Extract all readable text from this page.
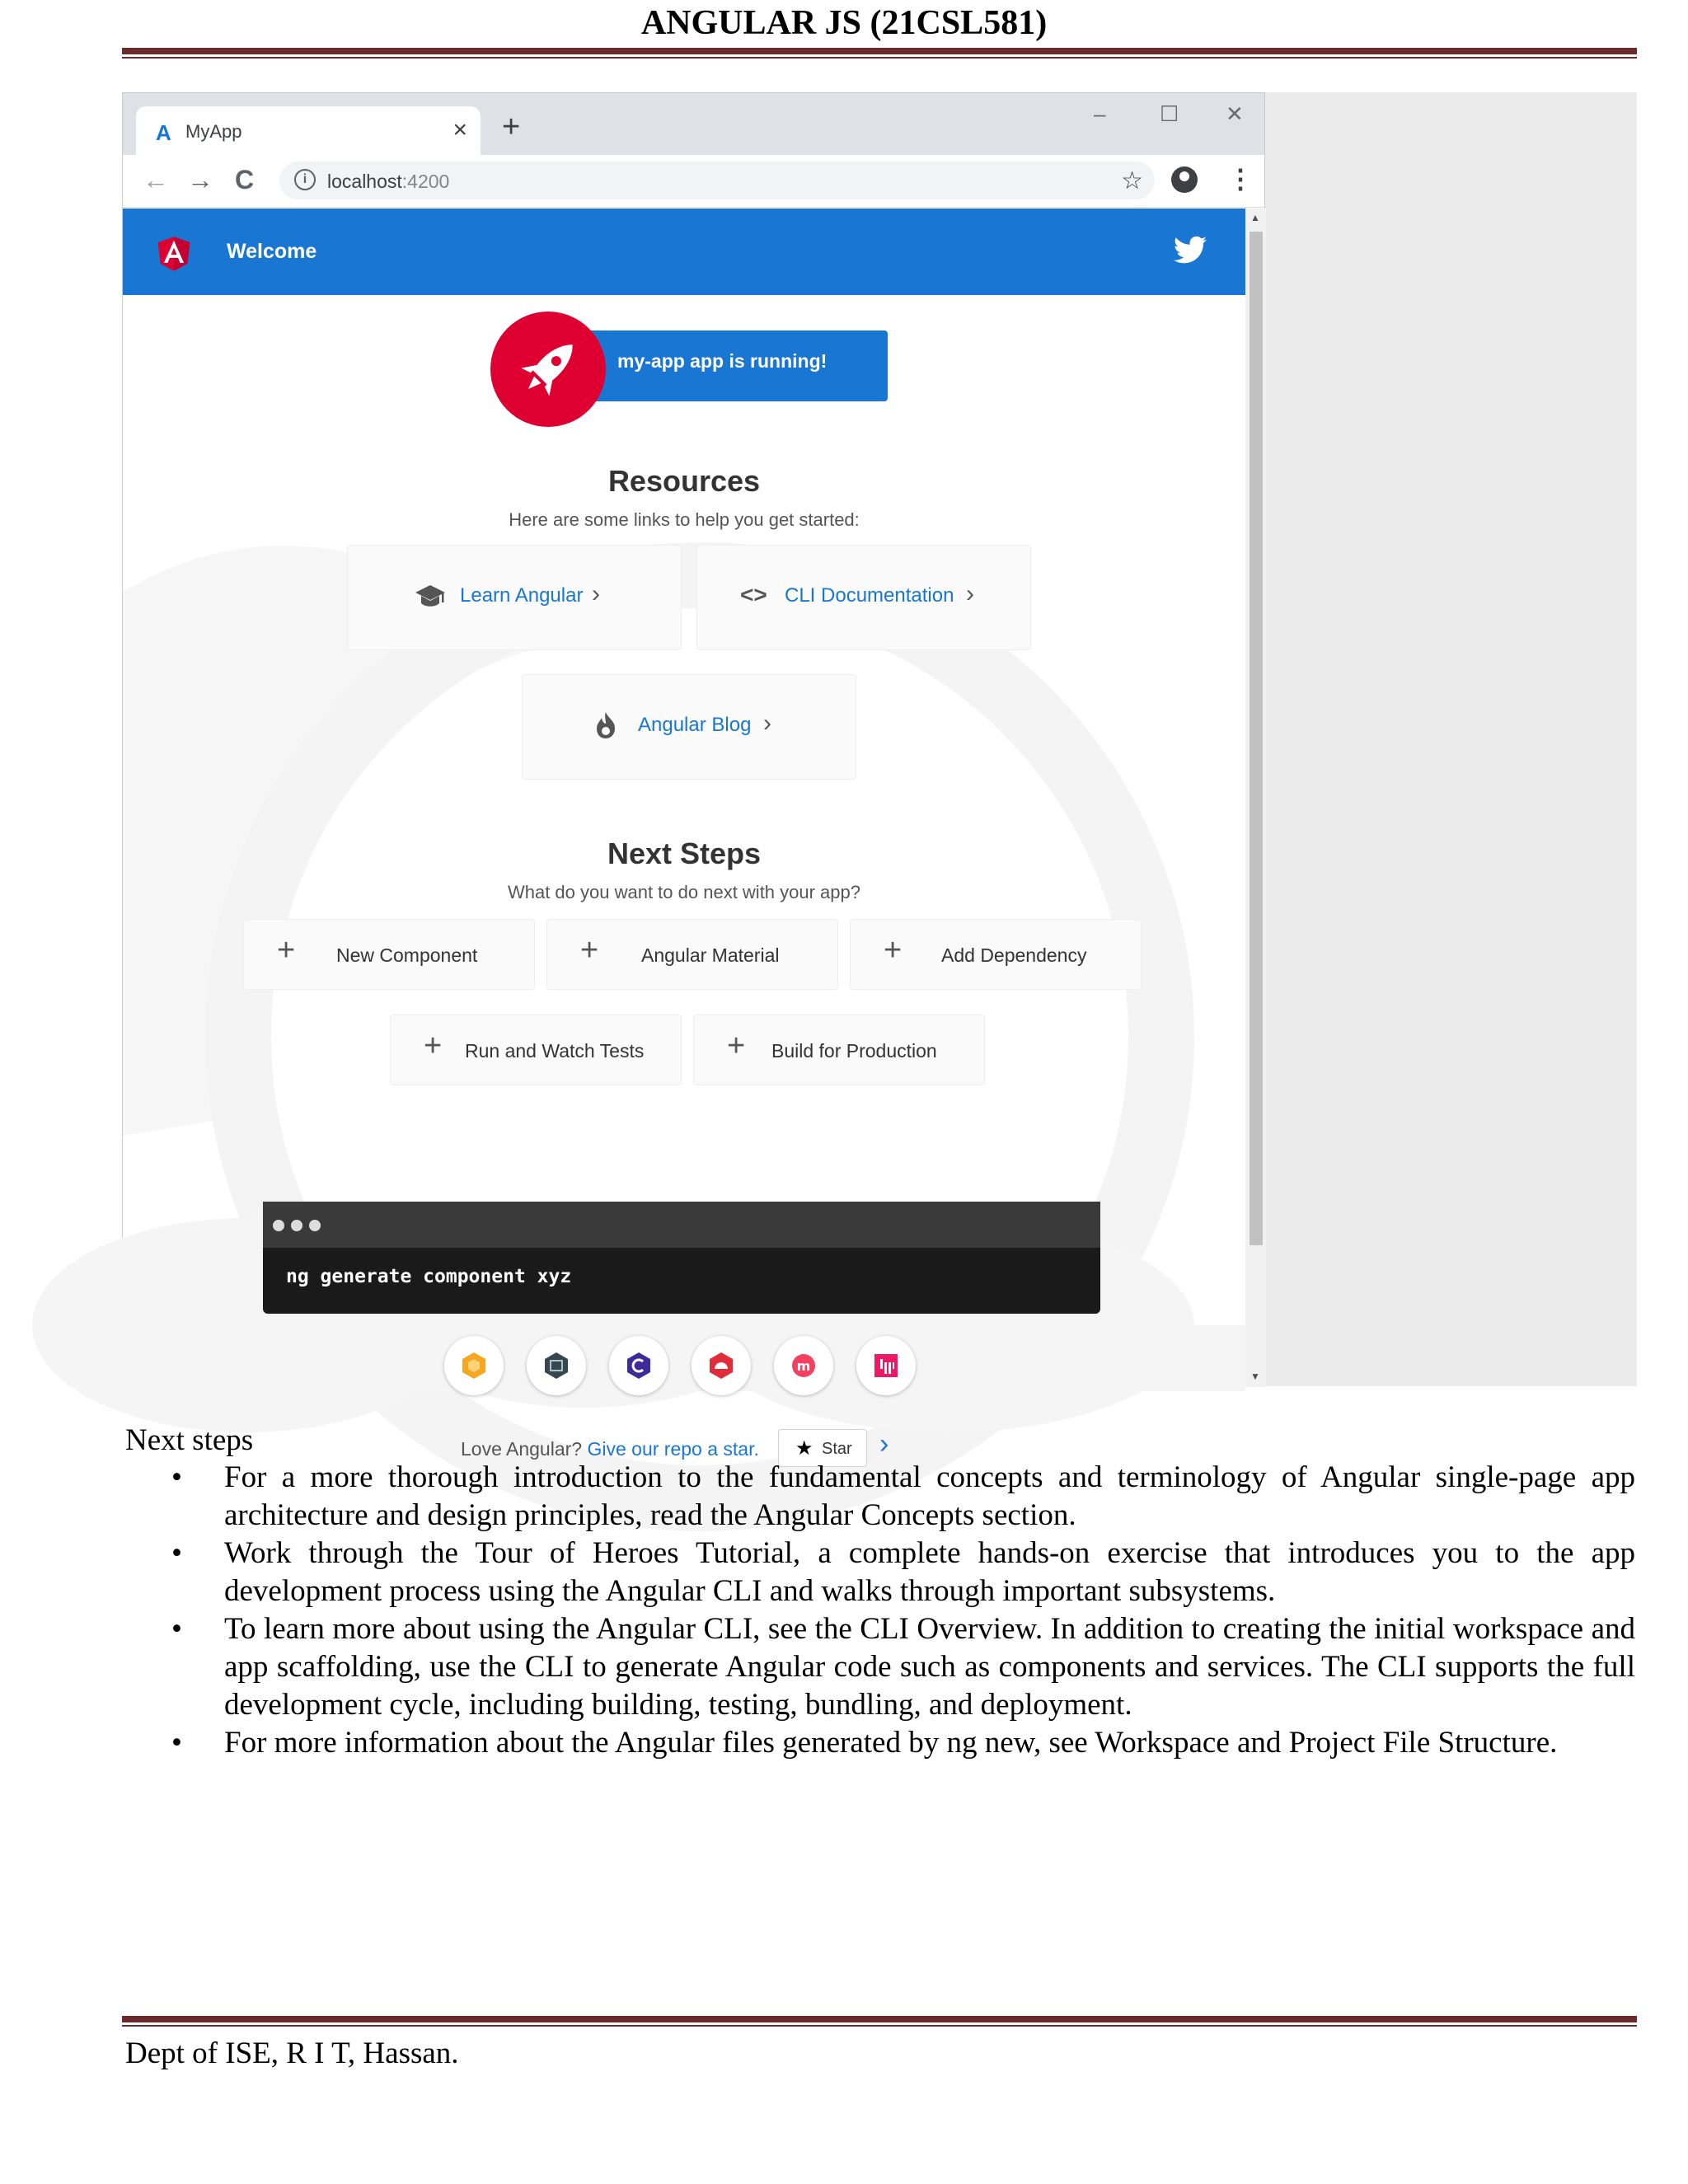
ANGULAR JS (21CSL581)
A MyApp	× +	–	☐ ✕
← → C	i	localhost:4200	☆	⋮
Welcome
my-app app is running!
Resources
Here are some links to help you get started:
Learn Angular ›	<> CLI Documentation ›
Angular Blog ›
Next Steps
What do you want to do next with your app?
+ New Component	+ Angular Material	+ Add Dependency
+ Run and Watch Tests	+ Build for Production
ng generate component xyz
m
Love Angular? Give our repo a star. ★ Star ›
▲
▼
Next steps
• For a more thorough introduction to the fundamental concepts and terminology of Angular single-page app architecture and design principles, read the Angular Concepts section.
• Work through the Tour of Heroes Tutorial, a complete hands-on exercise that introduces you to the app development process using the Angular CLI and walks through important subsystems.
• To learn more about using the Angular CLI, see the CLI Overview. In addition to creating the initial workspace and app scaffolding, use the CLI to generate Angular code such as components and services. The CLI supports the full development cycle, including building, testing, bundling, and deployment.
• For more information about the Angular files generated by ng new, see Workspace and Project File Structure.
Dept of ISE, R I T, Hassan.
